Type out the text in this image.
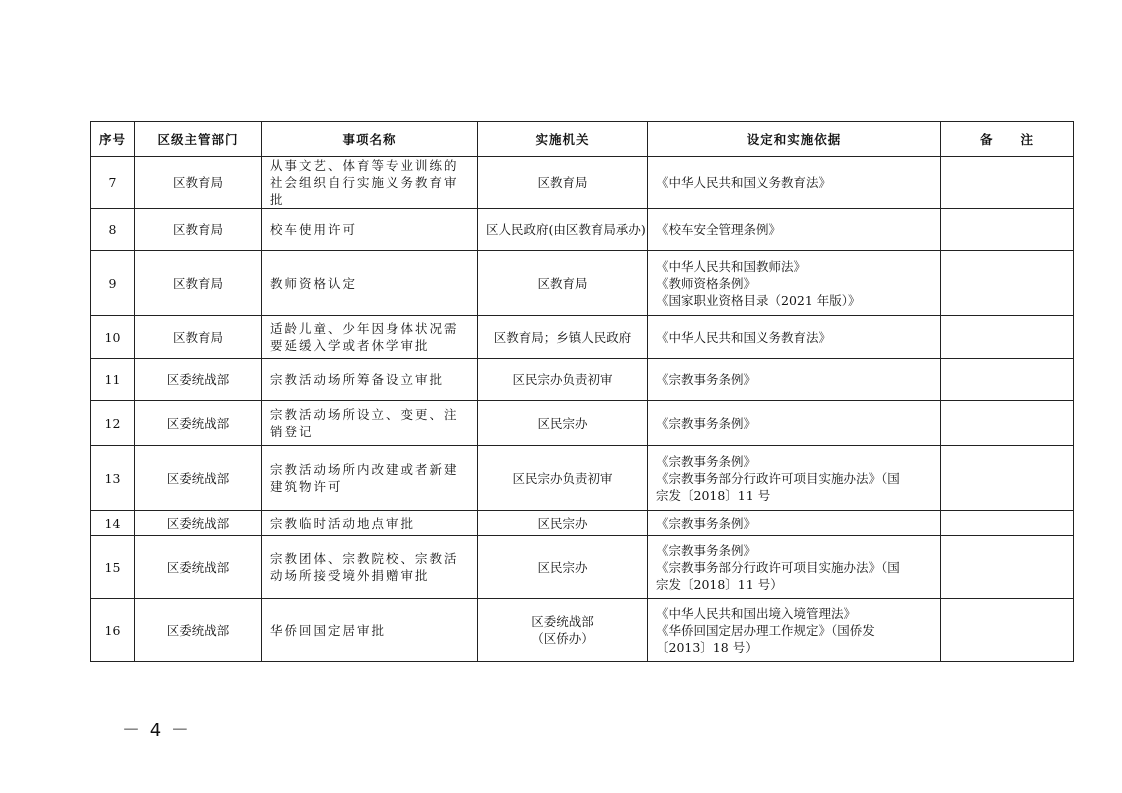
序号	区级主管部门	事项名称	实施机关	设定和实施依据	备　　注
7	区教育局	从事文艺、体育等专业训练的社会组织自行实施义务教育审批	区教育局	《中华人民共和国义务教育法》	

8	区教育局	校车使用许可	区人民政府(由区教育局承办)	《校车安全管理条例》	

9	区教育局	教师资格认定	区教育局	《中华人民共和国教师法》
《教师资格条例》
《国家职业资格目录（2021 年版）》	

10	区教育局	适龄儿童、少年因身体状况需要延缓入学或者休学审批	区教育局；乡镇人民政府	《中华人民共和国义务教育法》	

11	区委统战部	宗教活动场所筹备设立审批	区民宗办负责初审	《宗教事务条例》	

12	区委统战部	宗教活动场所设立、变更、注销登记	区民宗办	《宗教事务条例》	

13	区委统战部	宗教活动场所内改建或者新建建筑物许可	区民宗办负责初审	《宗教事务条例》
《宗教事务部分行政许可项目实施办法》（国
宗发〔2018〕11 号	

14	区委统战部	宗教临时活动地点审批	区民宗办	《宗教事务条例》	

15	区委统战部	宗教团体、宗教院校、宗教活动场所接受境外捐赠审批	区民宗办	《宗教事务条例》
《宗教事务部分行政许可项目实施办法》（国
宗发〔2018〕11 号）	

16	区委统战部	华侨回国定居审批	区委统战部
（区侨办）	《中华人民共和国出境入境管理法》
《华侨回国定居办理工作规定》（国侨发
〔2013〕18 号）	

－ 4 －
